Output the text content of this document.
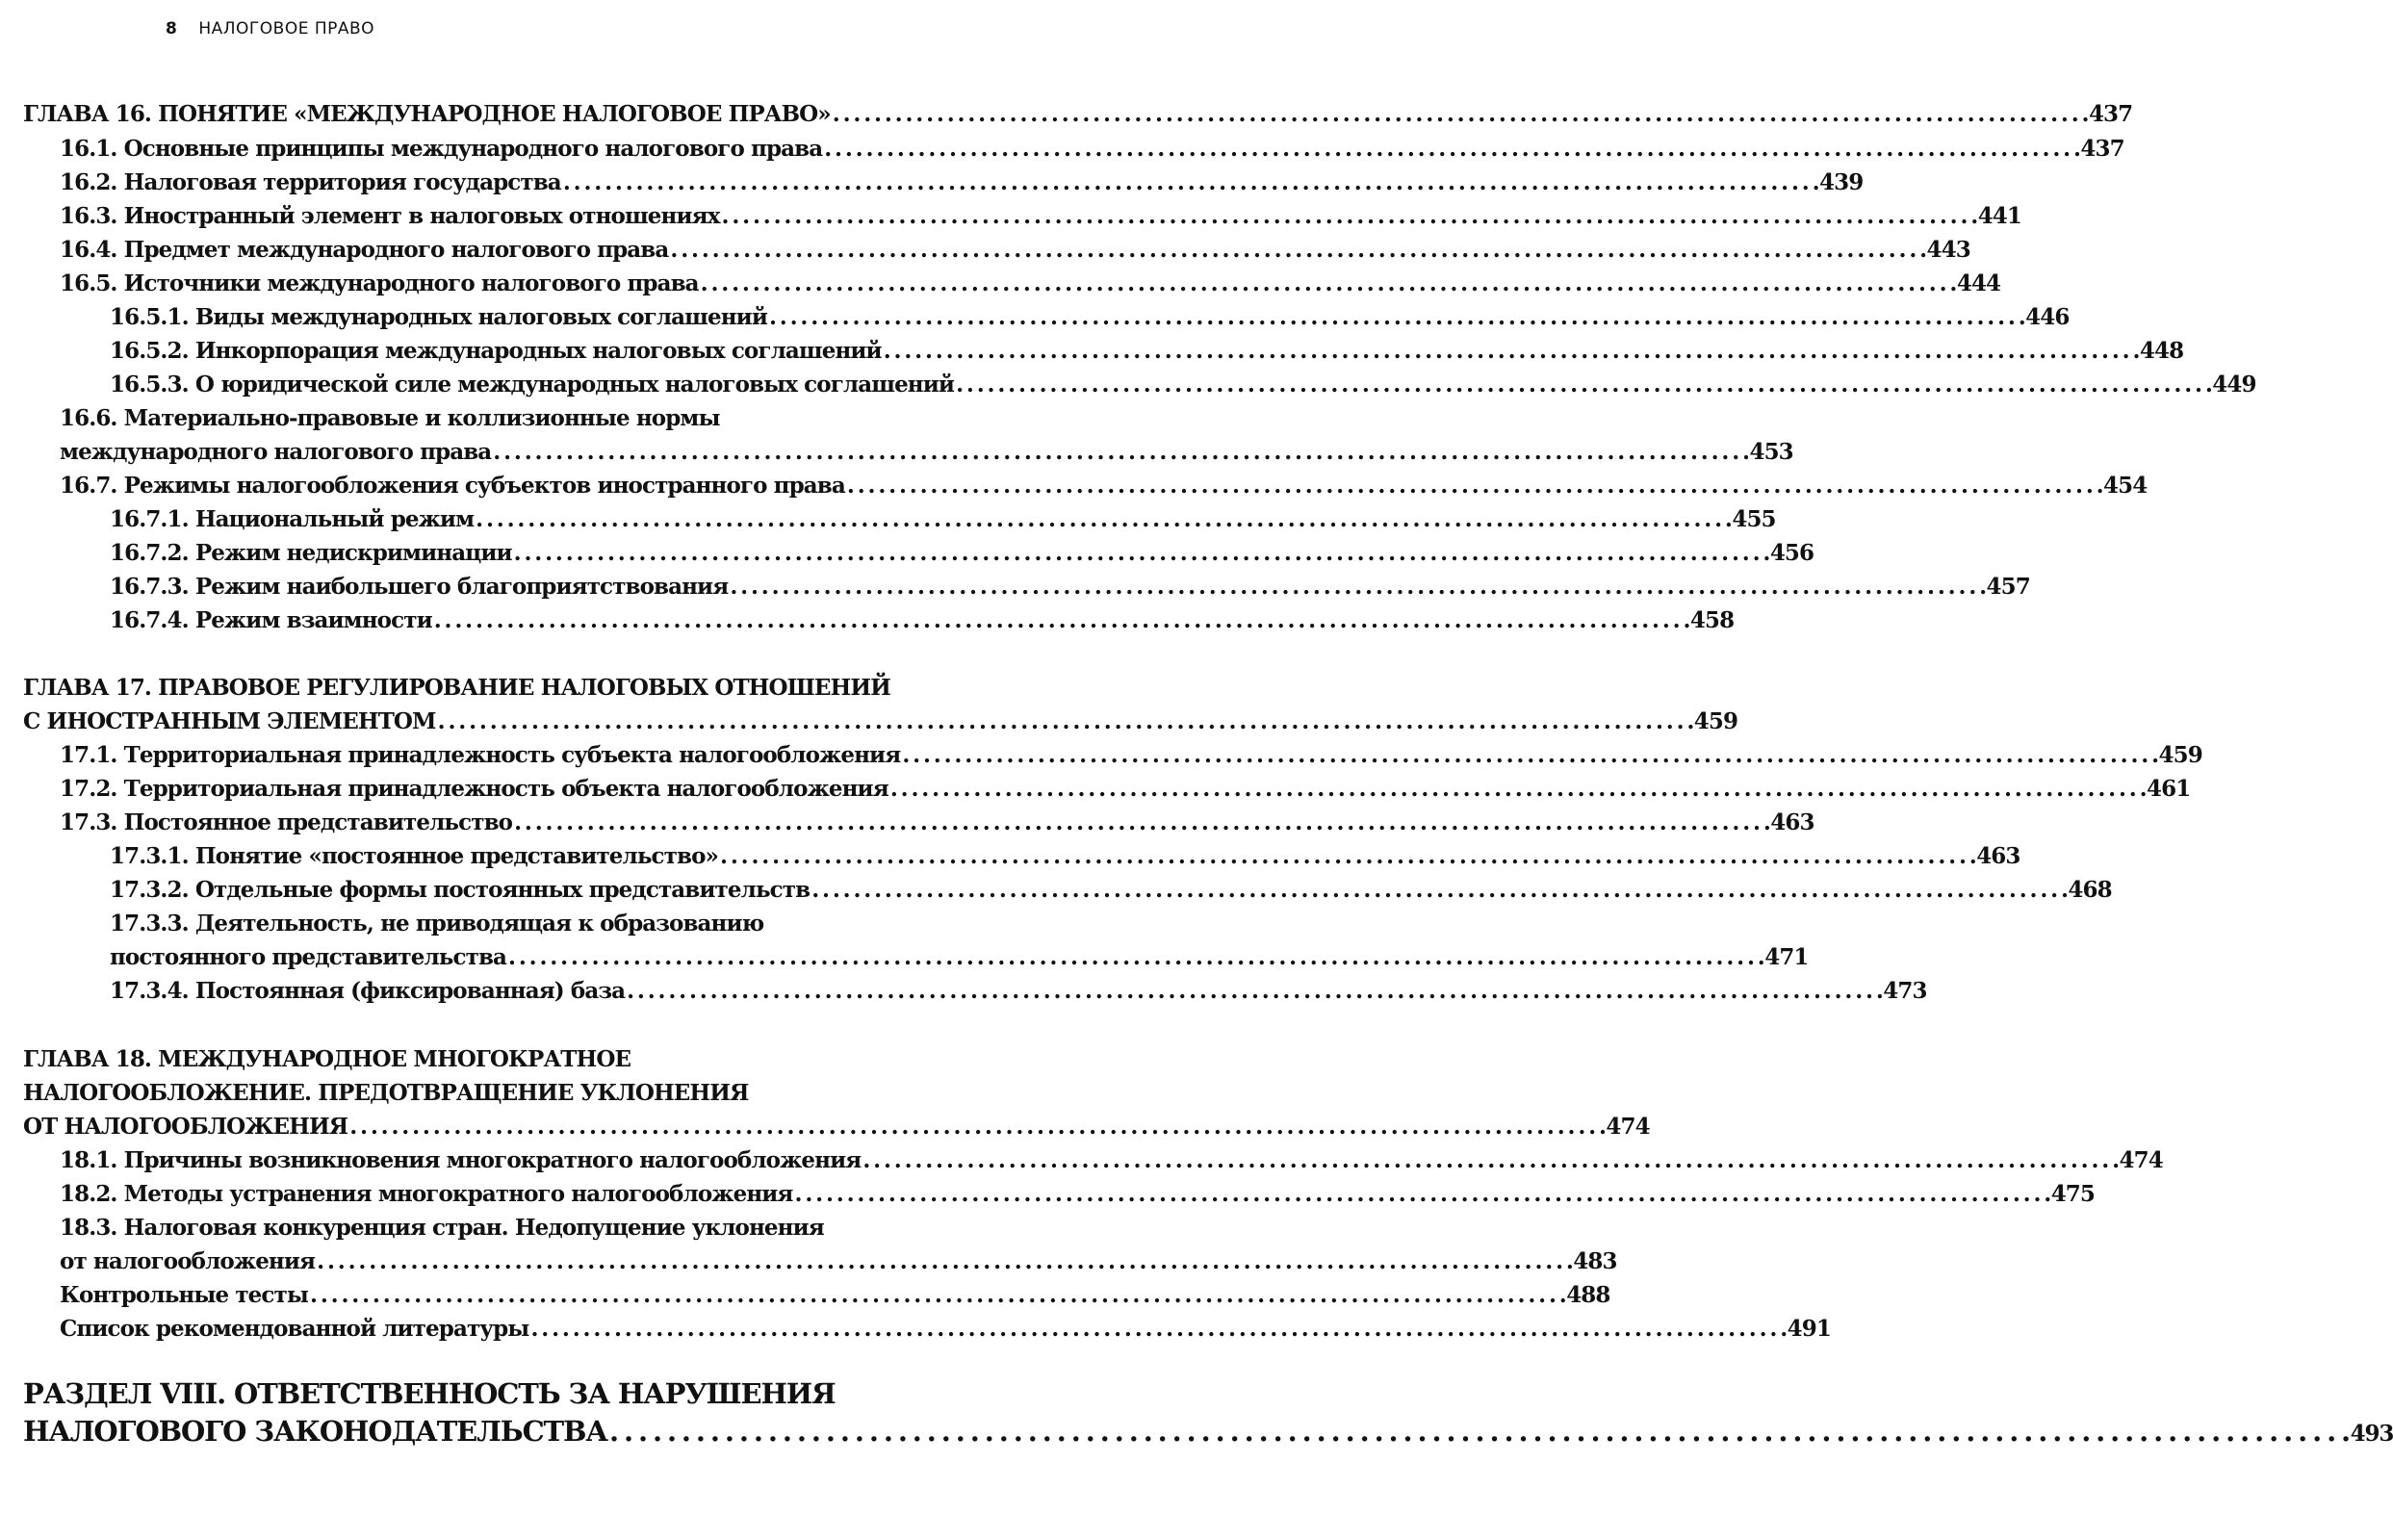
8 НАЛОГОВОЕ ПРАВО
ГЛАВА 16. ПОНЯТИЕ «МЕЖДУНАРОДНОЕ НАЛОГОВОЕ ПРАВО» . . .	437
16.1. Основные принципы международного налогового права . . .	437
16.2. Налоговая территория государства . . .	439
16.3. Иностранный элемент в налоговых отношениях . . .	441
16.4. Предмет международного налогового права . . .	443
16.5. Источники международного налогового права . . .	444
16.5.1. Виды международных налоговых соглашений . . .	446
16.5.2. Инкорпорация международных налоговых соглашений . . .	448
16.5.3. О юридической силе международных налоговых соглашений . . .	449
16.6. Материально-правовые и коллизионные нормы
международного налогового права . . .	453
16.7. Режимы налогообложения субъектов иностранного права . . .	454
16.7.1. Национальный режим . . .	455
16.7.2. Режим недискриминации . . .	456
16.7.3. Режим наибольшего благоприятствования . . .	457
16.7.4. Режим взаимности . . .	458
ГЛАВА 17. ПРАВОВОЕ РЕГУЛИРОВАНИЕ НАЛОГОВЫХ ОТНОШЕНИЙ
С ИНОСТРАННЫМ ЭЛЕМЕНТОМ . . .	459
17.1. Территориальная принадлежность субъекта налогообложения . . .	459
17.2. Территориальная принадлежность объекта налогообложения . . .	461
17.3. Постоянное представительство . . .	463
17.3.1. Понятие «постоянное представительство» . . .	463
17.3.2. Отдельные формы постоянных представительств . . .	468
17.3.3. Деятельность, не приводящая к образованию
постоянного представительства . . .	471
17.3.4. Постоянная (фиксированная) база . . .	473
ГЛАВА 18. МЕЖДУНАРОДНОЕ МНОГОКРАТНОЕ
НАЛОГООБЛОЖЕНИЕ. ПРЕДОТВРАЩЕНИЕ УКЛОНЕНИЯ
ОТ НАЛОГООБЛОЖЕНИЯ . . .	474
18.1. Причины возникновения многократного налогообложения . . .	474
18.2. Методы устранения многократного налогообложения . . .	475
18.3. Налоговая конкуренция стран. Недопущение уклонения
от налогообложения . . .	483
Контрольные тесты . . .	488
Список рекомендованной литературы . . .	491
РАЗДЕЛ VIII. ОТВЕТСТВЕННОСТЬ ЗА НАРУШЕНИЯ
НАЛОГОВОГО ЗАКОНОДАТЕЛЬСТВА . . .	493
